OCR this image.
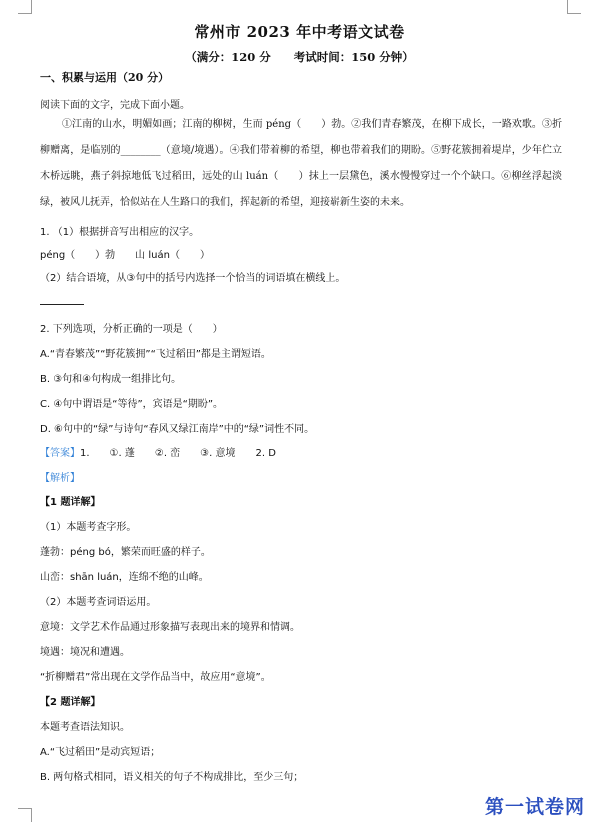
常州市 2023 年中考语文试卷
（满分：120 分　　考试时间：150 分钟）
一、积累与运用（20 分）
阅读下面的文字，完成下面小题。
①江南的山水，明媚如画；江南的柳树，生而 péng（　　）勃。②我们青春繁茂，在柳下成长，一路欢歌。③折柳赠离，是临别的________（意境/境遇）。④我们带着柳的希望，柳也带着我们的期盼。⑤野花簇拥着堤岸，少年伫立木桥远眺，燕子斜掠地低飞过稻田，远处的山 luán（　　）抹上一层黛色，溪水慢慢穿过一个个缺口。⑥柳丝浮起淡绿，被风儿抚弄，恰似站在人生路口的我们，挥起新的希望，迎接崭新生姿的未来。
1. （1）根据拼音写出相应的汉字。
péng（　　）勃　　山 luán（　　）
（2）结合语境，从③句中的括号内选择一个恰当的词语填在横线上。
2. 下列选项，分析正确的一项是（　　）
A.“青春繁茂”“野花簇拥”“飞过稻田”都是主谓短语。
B. ③句和④句构成一组排比句。
C. ④句中谓语是“等待”，宾语是“期盼”。
D. ⑥句中的“绿”与诗句“春风又绿江南岸”中的“绿”词性不同。
【答案】1.　　①. 蓬　　②. 峦　　③. 意境　　2. D
【解析】
【1 题详解】
（1）本题考查字形。
蓬勃：péng bó，繁荣而旺盛的样子。
山峦：shān luán，连绵不绝的山峰。
（2）本题考查词语运用。
意境：文学艺术作品通过形象描写表现出来的境界和情调。
境遇：境况和遭遇。
“折柳赠君”常出现在文学作品当中，故应用“意境”。
【2 题详解】
本题考查语法知识。
A.“飞过稻田”是动宾短语；
B. 两句格式相同，语义相关的句子不构成排比，至少三句；
第一试卷网
